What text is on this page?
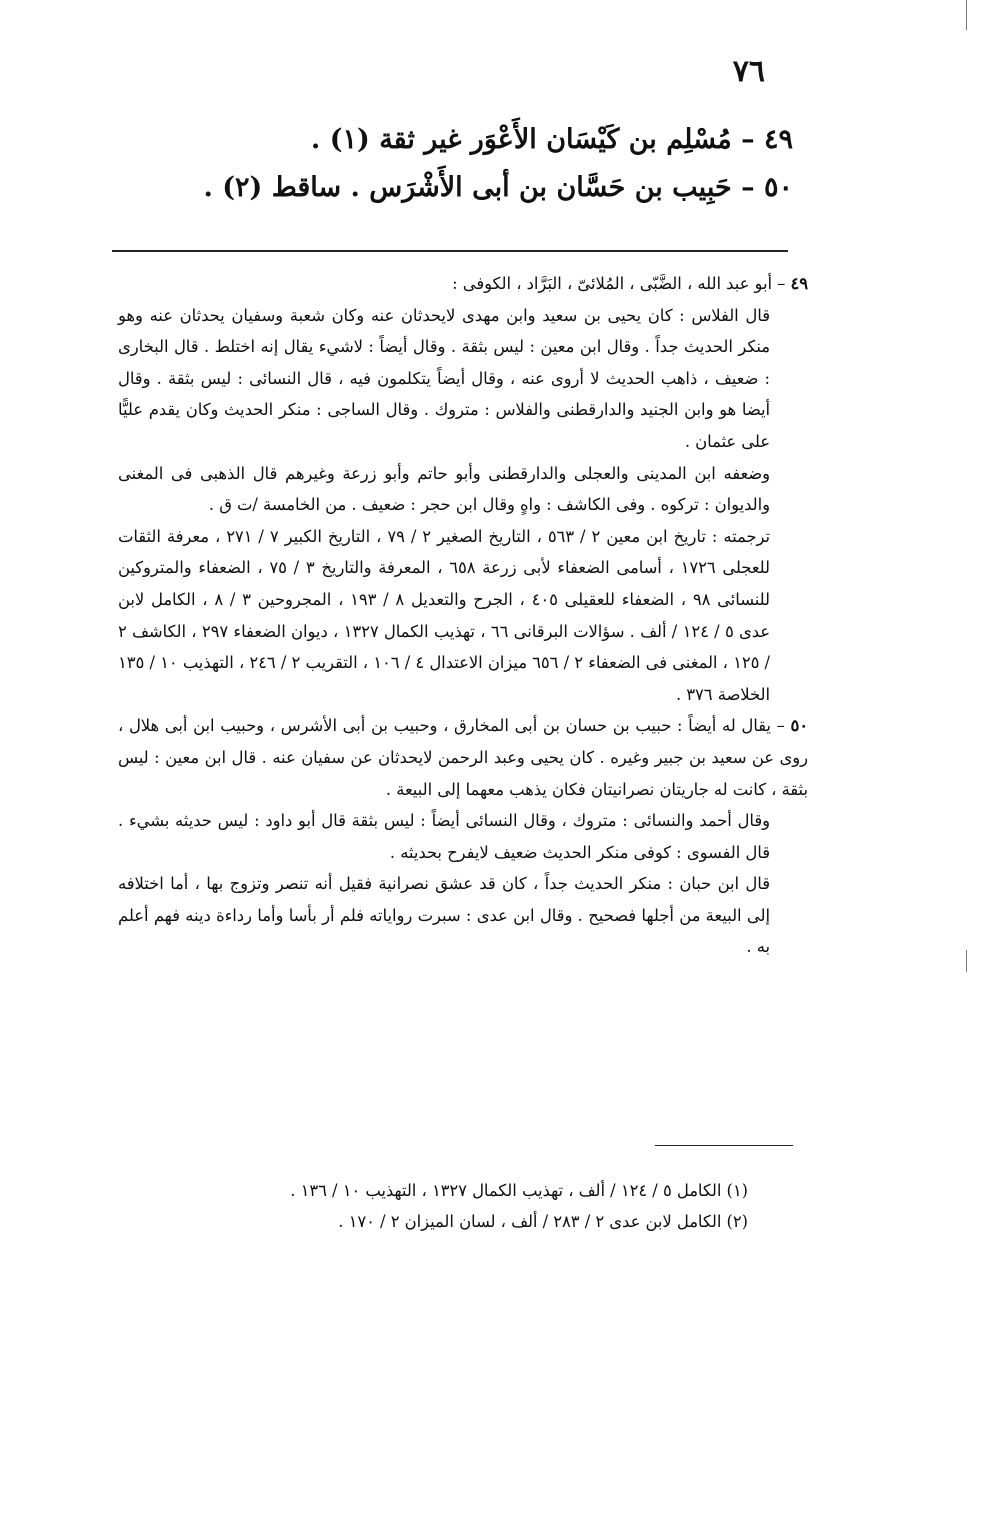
٧٦
٤٩ – مُسْلِم بن كَيْسَان الأَعْوَر غير ثقة (١) .
٥٠ – حَبِيب بن حَسَّان بن أبى الأَشْرَس . ساقط (٢) .

٤٩ – أبو عبد الله ، الضَّبّى ، المُلائىّ ، البَرَّاد ، الكوفى :

قال الفلاس : كان يحيى بن سعيد وابن مهدى لايحدثان عنه وكان شعبة وسفيان يحدثان عنه وهو منكر الحديث جداً . وقال ابن معين : ليس بثقة . وقال أيضاً : لاشيء يقال إنه اختلط . قال البخارى : ضعيف ، ذاهب الحديث لا أروى عنه ، وقال أيضاً يتكلمون فيه ، قال النسائى : ليس بثقة . وقال أيضا هو وابن الجنيد والدارقطنى والفلاس : متروك . وقال الساجى : منكر الحديث وكان يقدم عليًّا على عثمان .

وضعفه ابن المدينى والعجلى والدارقطنى وأبو حاتم وأبو زرعة وغيرهم قال الذهبى فى المغنى والديوان : تركوه . وفى الكاشف : واهٍ وقال ابن حجر : ضعيف . من الخامسة /ت ق .

ترجمته : تاريخ ابن معين ٢ / ٥٦٣ ، التاريخ الصغير ٢ / ٧٩ ، التاريخ الكبير ٧ / ٢٧١ ، معرفة الثقات للعجلى ١٧٢٦ ، أسامى الضعفاء لأبى زرعة ٦٥٨ ، المعرفة والتاريخ ٣ / ٧٥ ، الضعفاء والمتروكين للنسائى ٩٨ ، الضعفاء للعقيلى ٤٠٥ ، الجرح والتعديل ٨ / ١٩٣ ، المجروحين ٣ / ٨ ، الكامل لابن عدى ٥ / ١٢٤ / ألف . سؤالات البرقانى ٦٦ ، تهذيب الكمال ١٣٢٧ ، ديوان الضعفاء ٢٩٧ ، الكاشف ٢ / ١٢٥ ، المغنى فى الضعفاء ٢ / ٦٥٦ ميزان الاعتدال ٤ / ١٠٦ ، التقريب ٢ / ٢٤٦ ، التهذيب ١٠ / ١٣٥ الخلاصة ٣٧٦ .

٥٠ – يقال له أيضاً : حبيب بن حسان بن أبى المخارق ، وحبيب بن أبى الأشرس ، وحبيب ابن أبى هلال ، روى عن سعيد بن جبير وغيره . كان يحيى وعبد الرحمن لايحدثان عن سفيان عنه . قال ابن معين : ليس بثقة ، كانت له جاريتان نصرانيتان فكان يذهب معهما إلى البيعة .

وقال أحمد والنسائى : متروك ، وقال النسائى أيضاً : ليس بثقة قال أبو داود : ليس حديثه بشيء . قال الفسوى : كوفى منكر الحديث ضعيف لايفرح بحديثه .

قال ابن حبان : منكر الحديث جداً ، كان قد عشق نصرانية فقيل أنه تنصر وتزوج بها ، أما اختلافه إلى البيعة من أجلها فصحيح . وقال ابن عدى : سبرت رواياته فلم أر بأسا وأما رداءة دينه فهم أعلم به .

(١) الكامل ٥ / ١٢٤ / ألف ، تهذيب الكمال ١٣٢٧ ، التهذيب ١٠ / ١٣٦ .

(٢) الكامل لابن عدى ٢ / ٢٨٣ / ألف ، لسان الميزان ٢ / ١٧٠ .
